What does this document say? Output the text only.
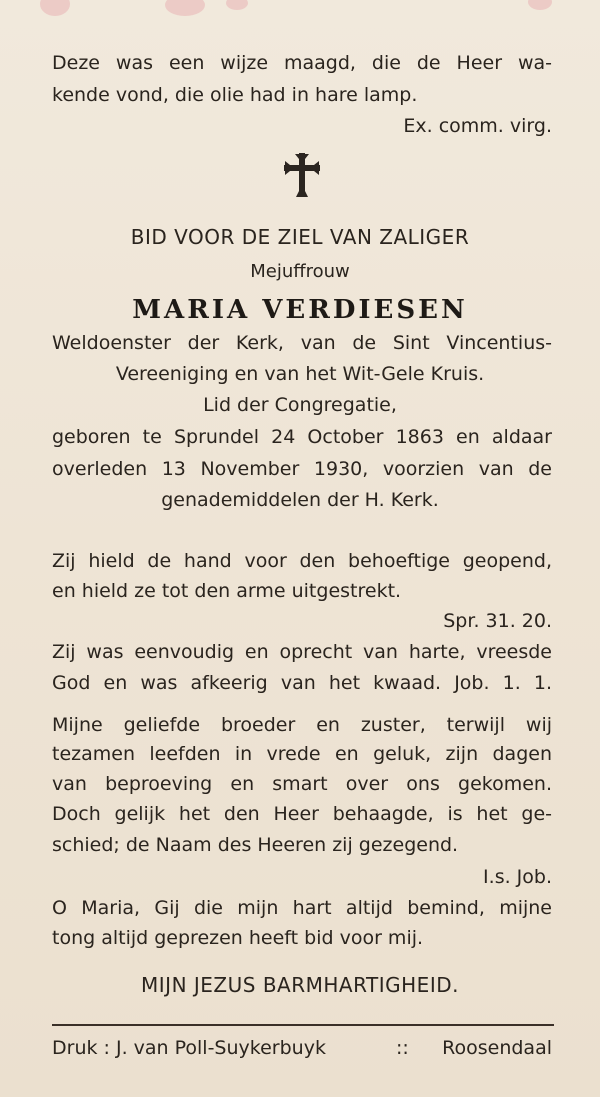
Deze was een wijze maagd, die de Heer wa-
kende vond, die olie had in hare lamp.
Ex. comm. virg.
BID VOOR DE ZIEL VAN ZALIGER
Mejuffrouw
MARIA VERDIESEN
Weldoenster der Kerk, van de Sint Vincentius-
Vereeniging en van het Wit-Gele Kruis.
Lid der Congregatie,
geboren te Sprundel 24 October 1863 en aldaar
overleden 13 November 1930, voorzien van de
genademiddelen der H. Kerk.
Zij hield de hand voor den behoeftige geopend,
en hield ze tot den arme uitgestrekt.
Spr. 31. 20.
Zij was eenvoudig en oprecht van harte, vreesde
God en was afkeerig van het kwaad. Job. 1. 1.
Mijne geliefde broeder en zuster, terwijl wij
tezamen leefden in vrede en geluk, zijn dagen
van beproeving en smart over ons gekomen.
Doch gelijk het den Heer behaagde, is het ge-
schied; de Naam des Heeren zij gezegend.
I.s. Job.
O Maria, Gij die mijn hart altijd bemind, mijne
tong altijd geprezen heeft bid voor mij.
MIJN JEZUS BARMHARTIGHEID.
Druk : J. van Poll-Suykerbuyk	::	Roosendaal
